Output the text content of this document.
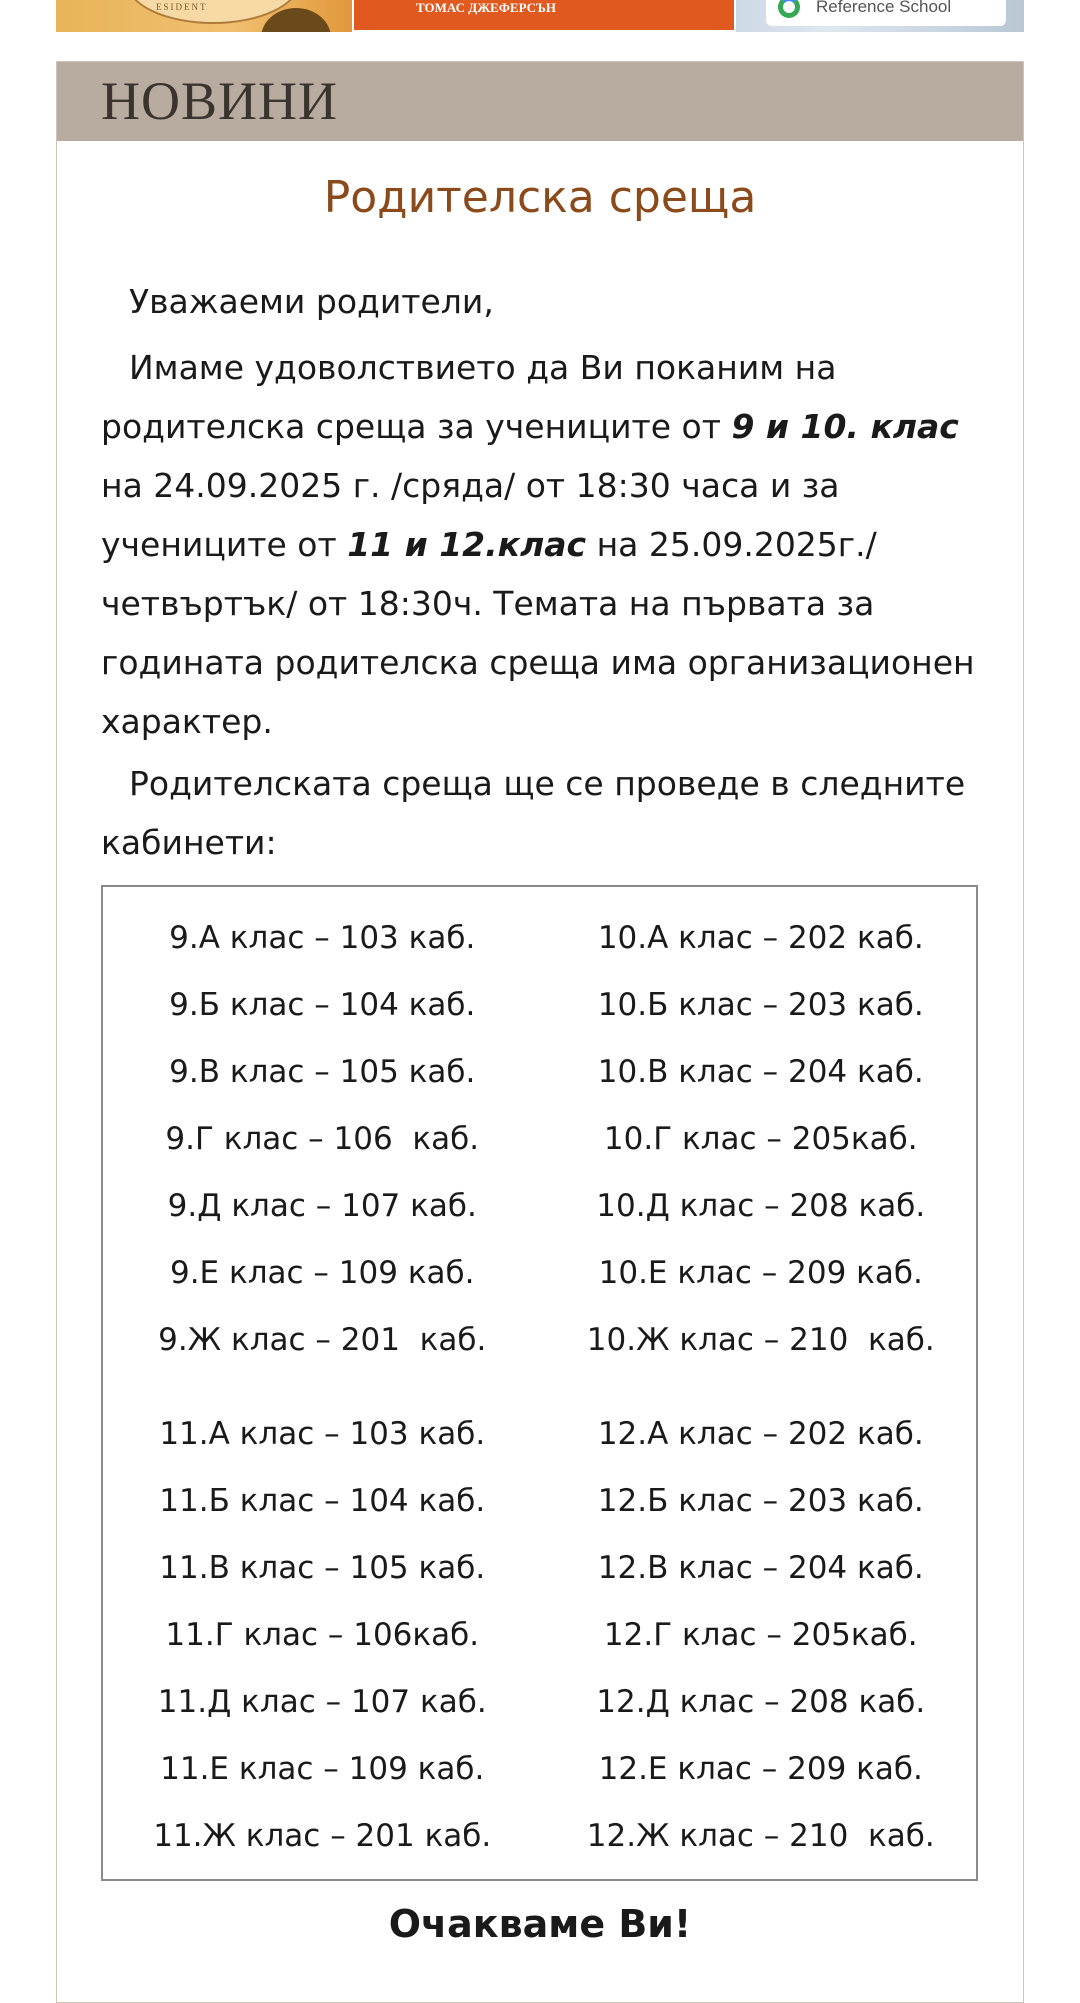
ESIDENT	ТОМАС ДЖЕФЕРСЪН	Reference School
НОВИНИ
Родителска среща

Уважаеми родители,

Имаме удоволствието да Ви поканим на родителска среща за учениците от 9 и 10. клас на 24.09.2025 г. /сряда/ от 18:30 часа и за учениците от 11 и 12.клас на 25.09.2025г./ четвъртък/ от 18:30ч. Темата на първата за годината родителска среща има организационен характер.

Родителската среща ще се проведе в следните кабинети:

9.А клас – 103 каб.	10.А клас – 202 каб.
9.Б клас – 104 каб.	10.Б клас – 203 каб.
9.В клас – 105 каб.	10.В клас – 204 каб.
9.Г клас – 106  каб.	10.Г клас – 205каб.
9.Д клас – 107 каб.	10.Д клас – 208 каб.
9.Е клас – 109 каб.	10.Е клас – 209 каб.
9.Ж клас – 201  каб.	10.Ж клас – 210  каб.
11.А клас – 103 каб.	12.А клас – 202 каб.
11.Б клас – 104 каб.	12.Б клас – 203 каб.
11.В клас – 105 каб.	12.В клас – 204 каб.
11.Г клас – 106каб.	12.Г клас – 205каб.
11.Д клас – 107 каб.	12.Д клас – 208 каб.
11.Е клас – 109 каб.	12.Е клас – 209 каб.
11.Ж клас – 201 каб.	12.Ж клас – 210  каб.

Очакваме Ви!
